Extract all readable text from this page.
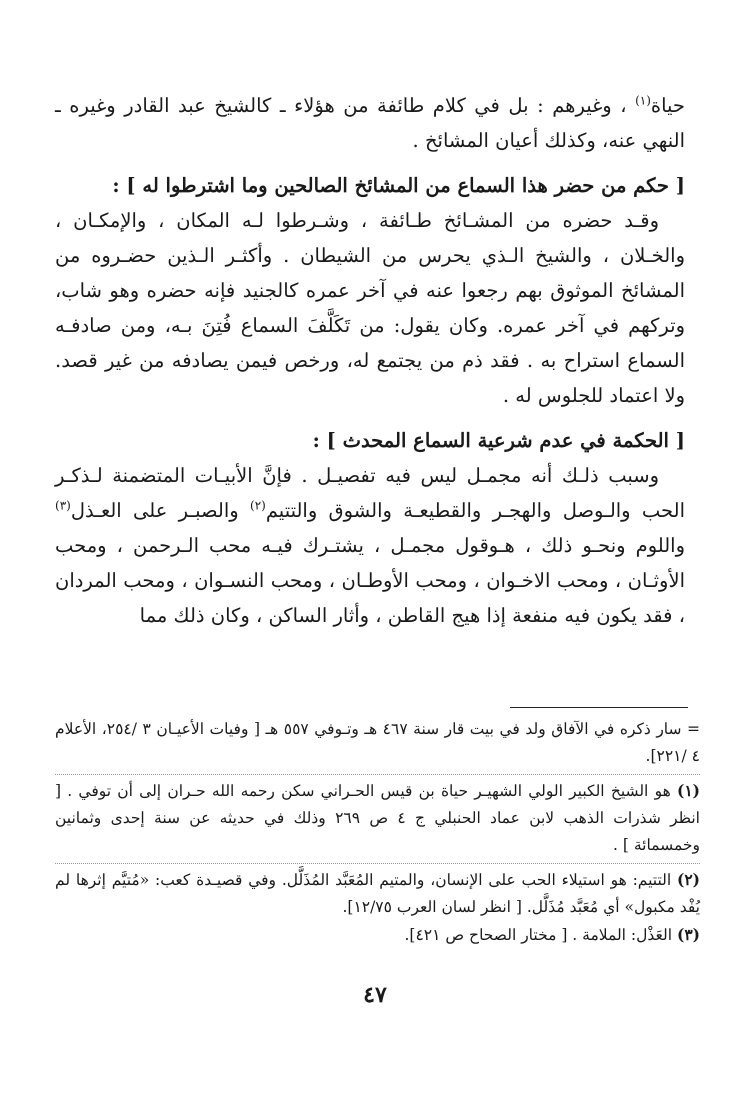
حياة$^{(١)}$ ، وغيرهم : بل في كلام طائفة من هؤلاء ـ كالشيخ عبد القادر وغيره ـ النهي عنه، وكذلك أعيان المشائخ .

[ حكم من حضر هذا السماع من المشائخ الصالحين وما اشترطوا له ] :

وقـد حضره من المشـائخ طـائفة ، وشـرطوا لـه المكان ، والإمكـان ، والخـلان ، والشيخ الـذي يحرس من الشيطان . وأكثـر الـذين حضـروه من المشائخ الموثوق بهم رجعوا عنه في آخر عمره كالجنيد فإنه حضره وهو شاب، وتركهم في آخر عمره. وكان يقول: من تَكَلَّفَ السماع فُتِنَ بـه، ومن صادفـه السماع استراح به . فقد ذم من يجتمع له، ورخص فيمن يصادفه من غير قصد. ولا اعتماد للجلوس له .

[ الحكمة في عدم شرعية السماع المحدث ] :

وسبب ذلـك أنه مجمـل ليس فيه تفصيـل . فإنَّ الأبيـات المتضمنة لـذكـر الحب والـوصل والهجـر والقطيعـة والشوق والتتيم$^{(٢)}$ والصبـر على العـذل$^{(٣)}$ واللوم ونحـو ذلك ، هـوقول مجمـل ، يشتـرك فيـه محب الـرحمن ، ومحب الأوثـان ، ومحب الاخـوان ، ومحب الأوطـان ، ومحب النسـوان ، ومحب المردان ، فقد يكون فيه منفعة إذا هيج القاطن ، وأثار الساكن ، وكان ذلك مما

= سار ذكره في الآفاق ولد في بيت قار سنة ٤٦٧ هـ وتـوفي ٥٥٧ هـ [ وفيات الأعيـان ٣ /٢٥٤، الأعلام ٤ /٢٢١].

(١) هو الشيخ الكبير الولي الشهيـر حياة بن قيس الحـراني سكن رحمه الله حـران إلى أن توفي . [ انظر شذرات الذهب لابن عماد الحنبلي ج ٤ ص ٢٦٩ وذلك في حديثه عن سنة إحدى وثمانين وخمسمائة ] .

(٢) التتيم: هو استيلاء الحب على الإنسان، والمتيم المُعَبَّد المُذَلَّل. وفي قصيـدة كعب: «مُتيَّم إثرها لم يُفْد مكبول» أي مُعَبَّد مُذَلَّل. [ انظر لسان العرب ١٢/٧٥].

(٣) العَذْل: الملامة . [ مختار الصحاح ص ٤٢١].

٤٧
